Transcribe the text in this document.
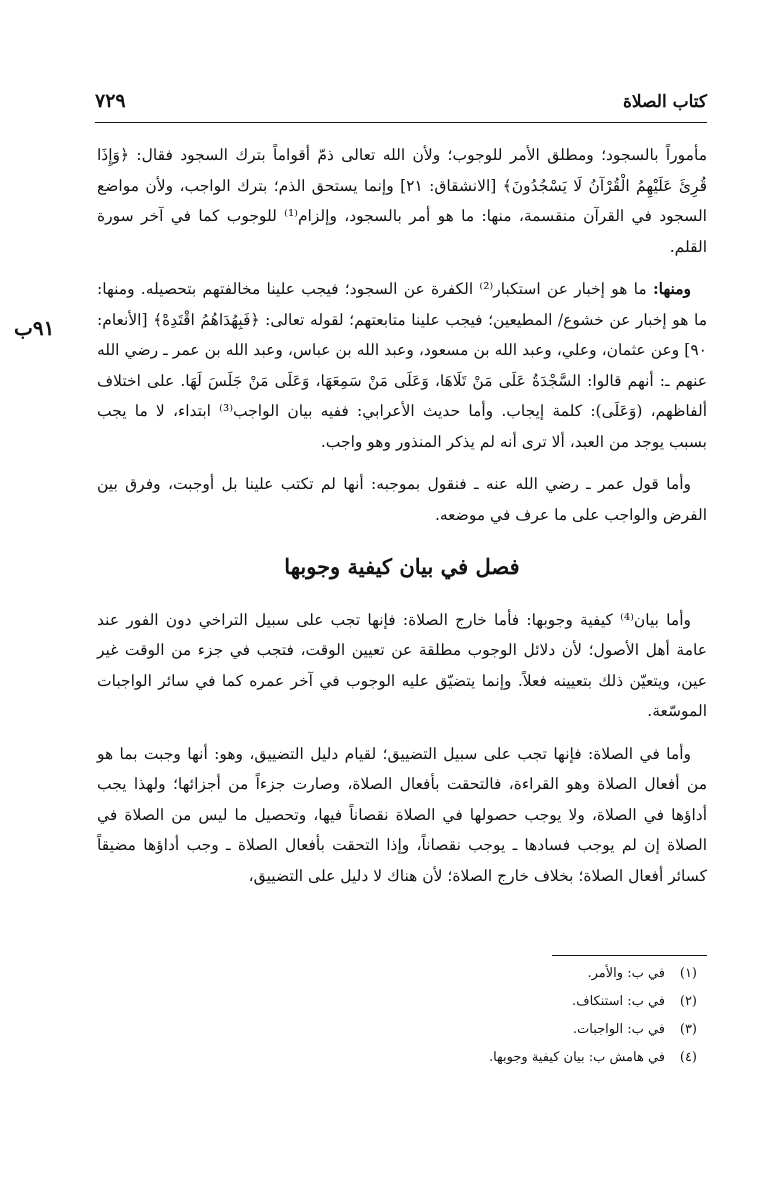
كتاب الصلاة
٧٢٩
٩١ب

مأموراً بالسجود؛ ومطلق الأمر للوجوب؛ ولأن الله تعالى ذمّ أقواماً بترك السجود فقال: ﴿وَإِذَا قُرِئَ عَلَيْهِمُ الْقُرْآنُ لَا يَسْجُدُونَ﴾ [الانشقاق: ٢١] وإنما يستحق الذم؛ بترك الواجب، ولأن مواضع السجود في القرآن منقسمة، منها: ما هو أمر بالسجود، وإلزام⁽¹⁾ للوجوب كما في آخر سورة القلم.

ومنها: ما هو إخبار عن استكبار⁽²⁾ الكفرة عن السجود؛ فيجب علينا مخالفتهم بتحصيله. ومنها: ما هو إخبار عن خشوع/ المطيعين؛ فيجب علينا متابعتهم؛ لقوله تعالى: ﴿فَبِهُدَاهُمُ اقْتَدِهْ﴾ [الأنعام: ٩٠] وعن عثمان، وعلي، وعبد الله بن مسعود، وعبد الله بن عباس، وعبد الله بن عمر ـ رضي الله عنهم ـ: أنهم قالوا: السَّجْدَةُ عَلَى مَنْ تَلَاهَا، وَعَلَى مَنْ سَمِعَهَا، وَعَلَى مَنْ جَلَسَ لَهَا. على اختلاف ألفاظهم، (وَعَلَى): كلمة إيجاب. وأما حديث الأعرابي: ففيه بيان الواجب⁽³⁾ ابتداء، لا ما يجب بسبب يوجد من العبد، ألا ترى أنه لم يذكر المنذور وهو واجب.

وأما قول عمر ـ رضي الله عنه ـ فنقول بموجبه: أنها لم تكتب علينا بل أوجبت، وفرق بين الفرض والواجب على ما عرف في موضعه.

فصل في بيان كيفية وجوبها

وأما بيان⁽⁴⁾ كيفية وجوبها: فأما خارج الصلاة: فإنها تجب على سبيل التراخي دون الفور عند عامة أهل الأصول؛ لأن دلائل الوجوب مطلقة عن تعيين الوقت، فتجب في جزء من الوقت غير عين، ويتعيّن ذلك بتعيينه فعلاً. وإنما يتضيّق عليه الوجوب في آخر عمره كما في سائر الواجبات الموسّعة.

وأما في الصلاة: فإنها تجب على سبيل التضييق؛ لقيام دليل التضييق، وهو: أنها وجبت بما هو من أفعال الصلاة وهو القراءة، فالتحقت بأفعال الصلاة، وصارت جزءاً من أجزائها؛ ولهذا يجب أداؤها في الصلاة، ولا يوجب حصولها في الصلاة نقصاناً فيها، وتحصيل ما ليس من الصلاة في الصلاة إن لم يوجب فسادها ـ يوجب نقصاناً، وإذا التحقت بأفعال الصلاة ـ وجب أداؤها مضيقاً كسائر أفعال الصلاة؛ بخلاف خارج الصلاة؛ لأن هناك لا دليل على التضييق،

(١)في ب: والأمر.
(٢)في ب: استنكاف.
(٣)في ب: الواجبات.
(٤)في هامش ب: بيان كيفية وجوبها.
